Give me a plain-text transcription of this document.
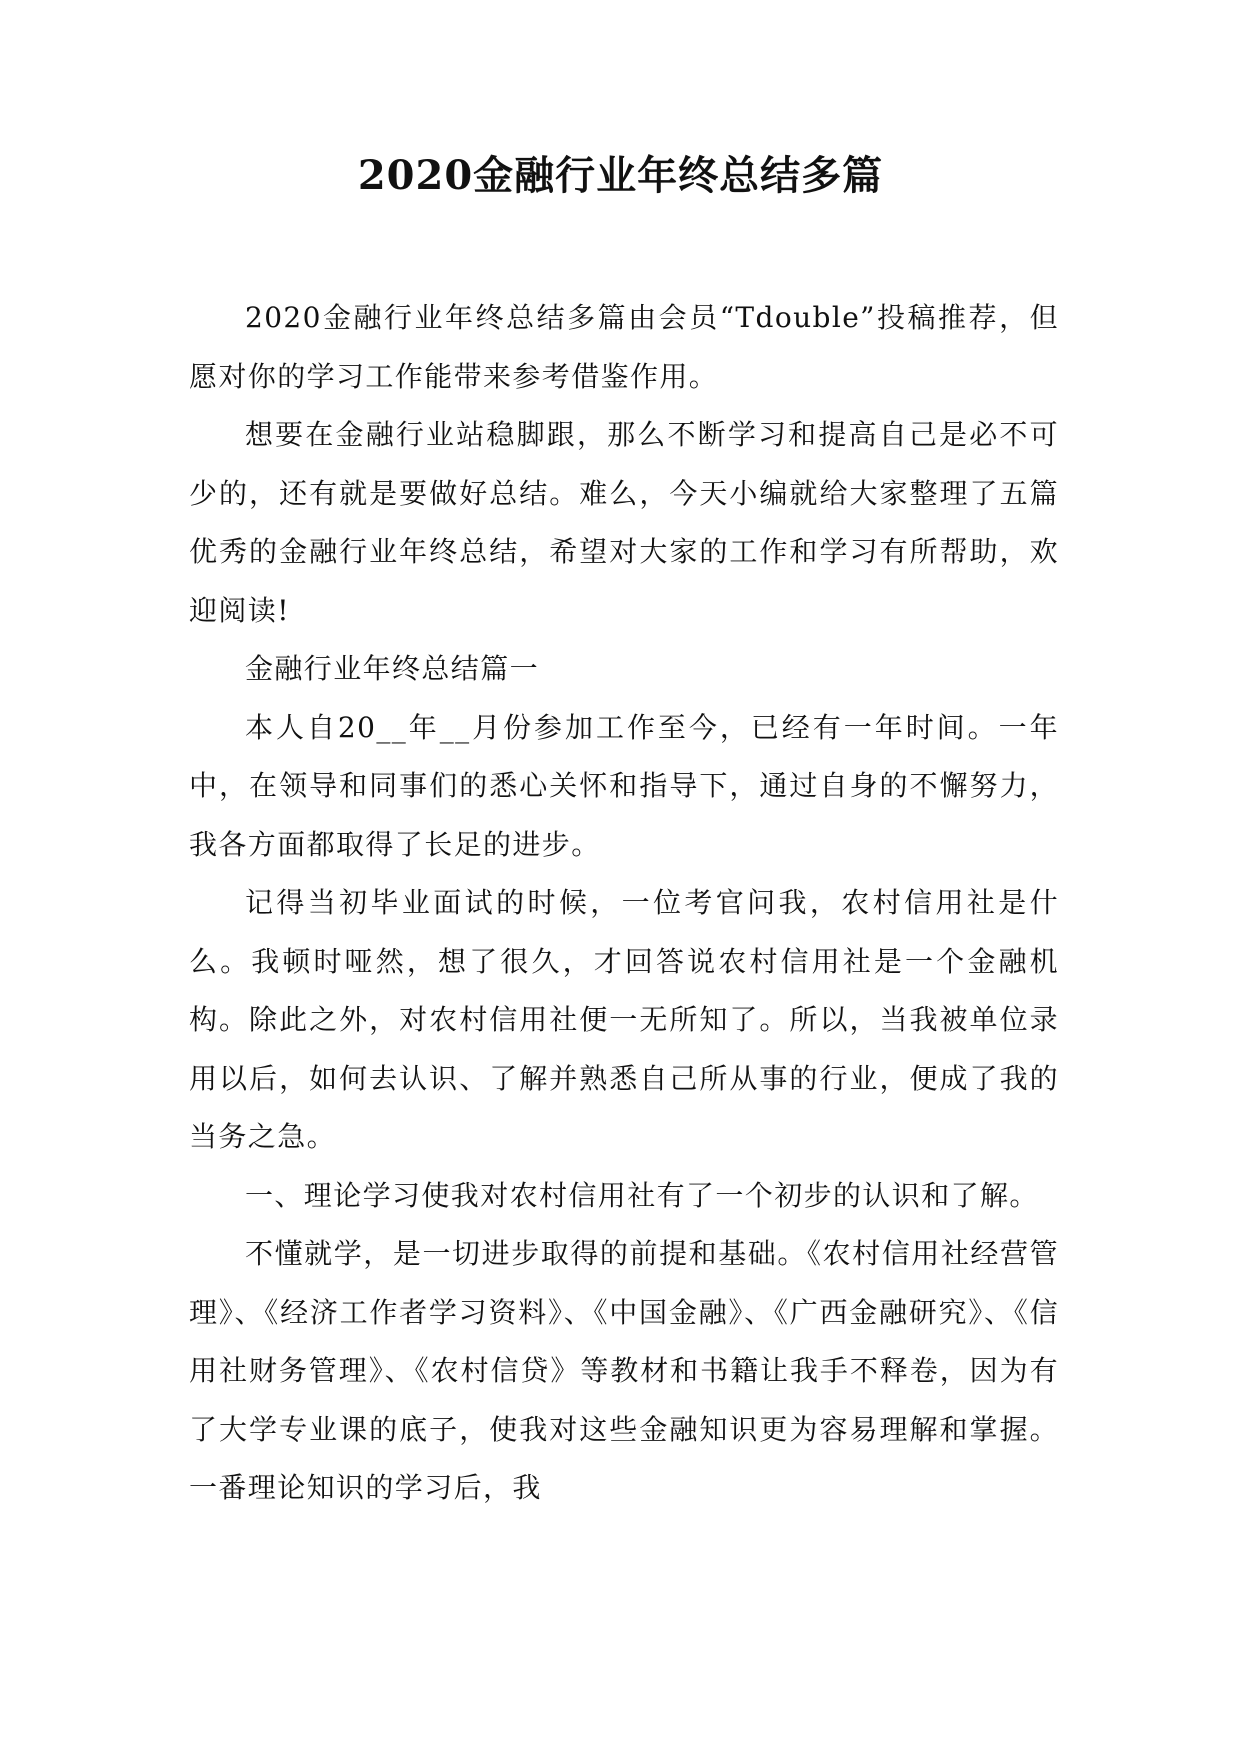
2020金融行业年终总结多篇

2020金融行业年终总结多篇由会员“Tdouble”投稿推荐，但愿对你的学习工作能带来参考借鉴作用。

想要在金融行业站稳脚跟，那么不断学习和提高自己是必不可少的，还有就是要做好总结。难么，今天小编就给大家整理了五篇优秀的金融行业年终总结，希望对大家的工作和学习有所帮助，欢迎阅读!

金融行业年终总结篇一

本人自20__年__月份参加工作至今，已经有一年时间。一年中，在领导和同事们的悉心关怀和指导下，通过自身的不懈努力，我各方面都取得了长足的进步。

记得当初毕业面试的时候，一位考官问我，农村信用社是什么。我顿时哑然，想了很久，才回答说农村信用社是一个金融机构。除此之外，对农村信用社便一无所知了。所以，当我被单位录用以后，如何去认识、了解并熟悉自己所从事的行业，便成了我的当务之急。

一、理论学习使我对农村信用社有了一个初步的认识和了解。

不懂就学，是一切进步取得的前提和基础。《农村信用社经营管理》、《经济工作者学习资料》、《中国金融》、《广西金融研究》、《信用社财务管理》、《农村信贷》等教材和书籍让我手不释卷，因为有了大学专业课的底子，使我对这些金融知识更为容易理解和掌握。一番理论知识的学习后，我
